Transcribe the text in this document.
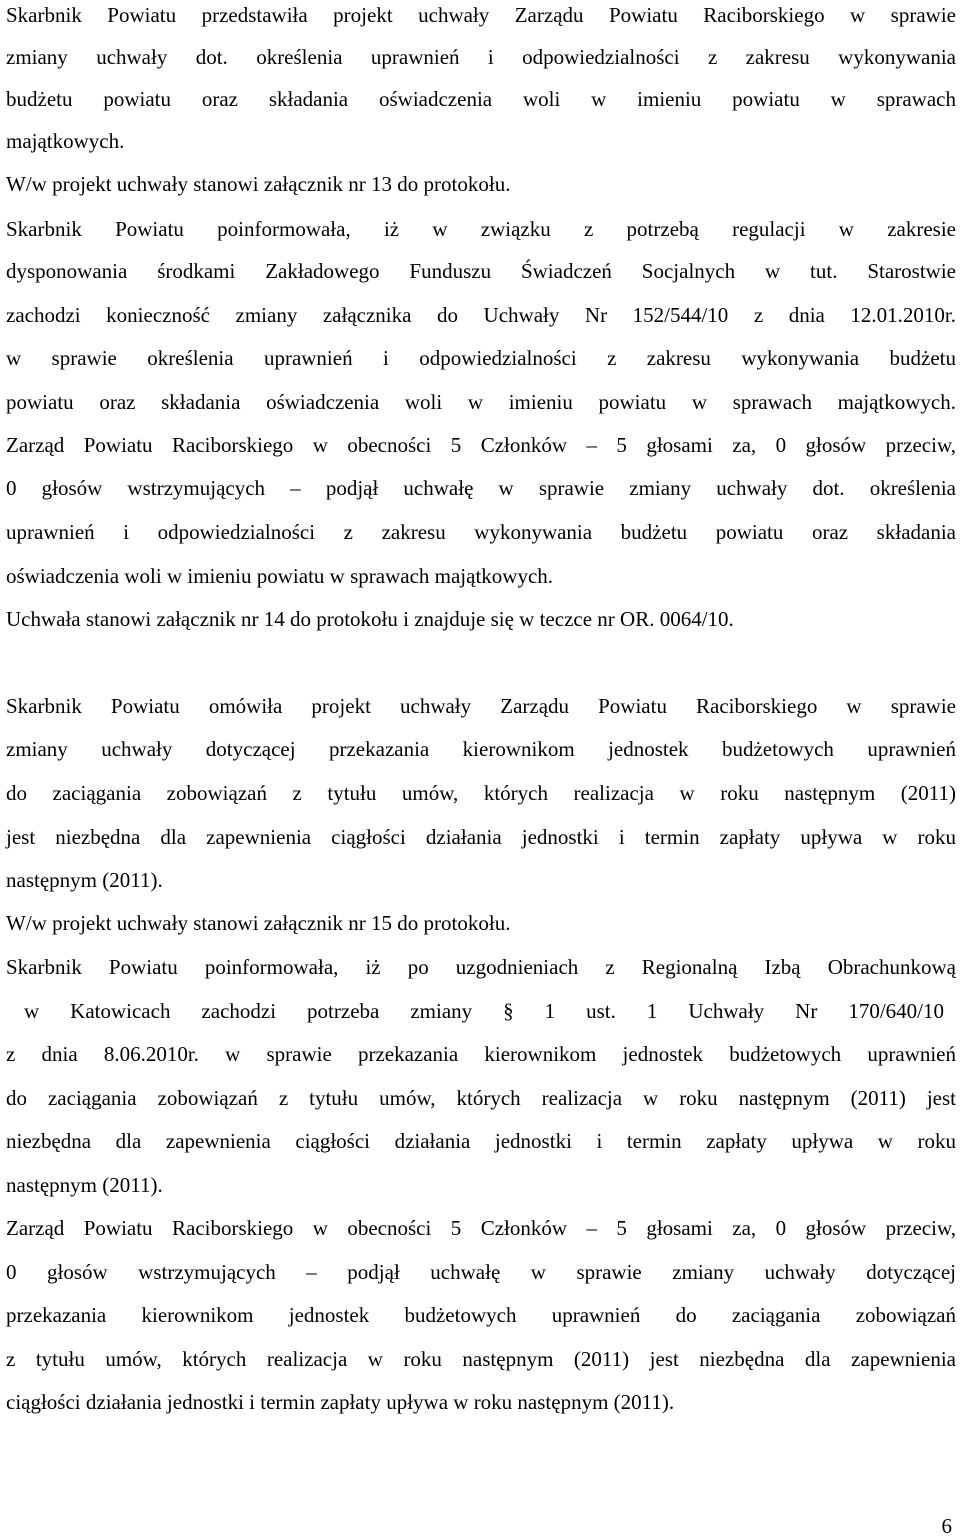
Skarbnik Powiatu przedstawiła projekt uchwały Zarządu Powiatu Raciborskiego w sprawie
zmiany uchwały dot. określenia uprawnień i odpowiedzialności z zakresu wykonywania
budżetu powiatu oraz składania oświadczenia woli w imieniu powiatu w sprawach
majątkowych.
W/w projekt uchwały stanowi załącznik nr 13 do protokołu.
Skarbnik Powiatu poinformowała, iż w związku z potrzebą regulacji w zakresie
dysponowania środkami Zakładowego Funduszu Świadczeń Socjalnych w tut. Starostwie
zachodzi konieczność zmiany załącznika do Uchwały Nr 152/544/10 z dnia 12.01.2010r.
w sprawie określenia uprawnień i odpowiedzialności z zakresu wykonywania budżetu
powiatu oraz składania oświadczenia woli w imieniu powiatu w sprawach majątkowych.
Zarząd Powiatu Raciborskiego w obecności 5 Członków – 5 głosami za, 0 głosów przeciw,
0 głosów wstrzymujących – podjął uchwałę w sprawie zmiany uchwały dot. określenia
uprawnień i odpowiedzialności z zakresu wykonywania budżetu powiatu oraz składania
oświadczenia woli w imieniu powiatu w sprawach majątkowych.
Uchwała stanowi załącznik nr 14 do protokołu i znajduje się w teczce nr OR. 0064/10.
Skarbnik Powiatu omówiła projekt uchwały Zarządu Powiatu Raciborskiego w sprawie
zmiany uchwały dotyczącej przekazania kierownikom jednostek budżetowych uprawnień
do zaciągania zobowiązań z tytułu umów, których realizacja w roku następnym (2011)
jest niezbędna dla zapewnienia ciągłości działania jednostki i termin zapłaty upływa w roku
następnym (2011).
W/w projekt uchwały stanowi załącznik nr 15 do protokołu.
Skarbnik Powiatu poinformowała, iż po uzgodnieniach z Regionalną Izbą Obrachunkową
w Katowicach zachodzi potrzeba zmiany § 1 ust. 1 Uchwały Nr 170/640/10
z dnia 8.06.2010r. w sprawie przekazania kierownikom jednostek budżetowych uprawnień
do zaciągania zobowiązań z tytułu umów, których realizacja w roku następnym (2011) jest
niezbędna dla zapewnienia ciągłości działania jednostki i termin zapłaty upływa w roku
następnym (2011).
Zarząd Powiatu Raciborskiego w obecności 5 Członków – 5 głosami za, 0 głosów przeciw,
0 głosów wstrzymujących – podjął uchwałę w sprawie zmiany uchwały dotyczącej
przekazania kierownikom jednostek budżetowych uprawnień do zaciągania zobowiązań
z tytułu umów, których realizacja w roku następnym (2011) jest niezbędna dla zapewnienia
ciągłości działania jednostki i termin zapłaty upływa w roku następnym (2011).
6
